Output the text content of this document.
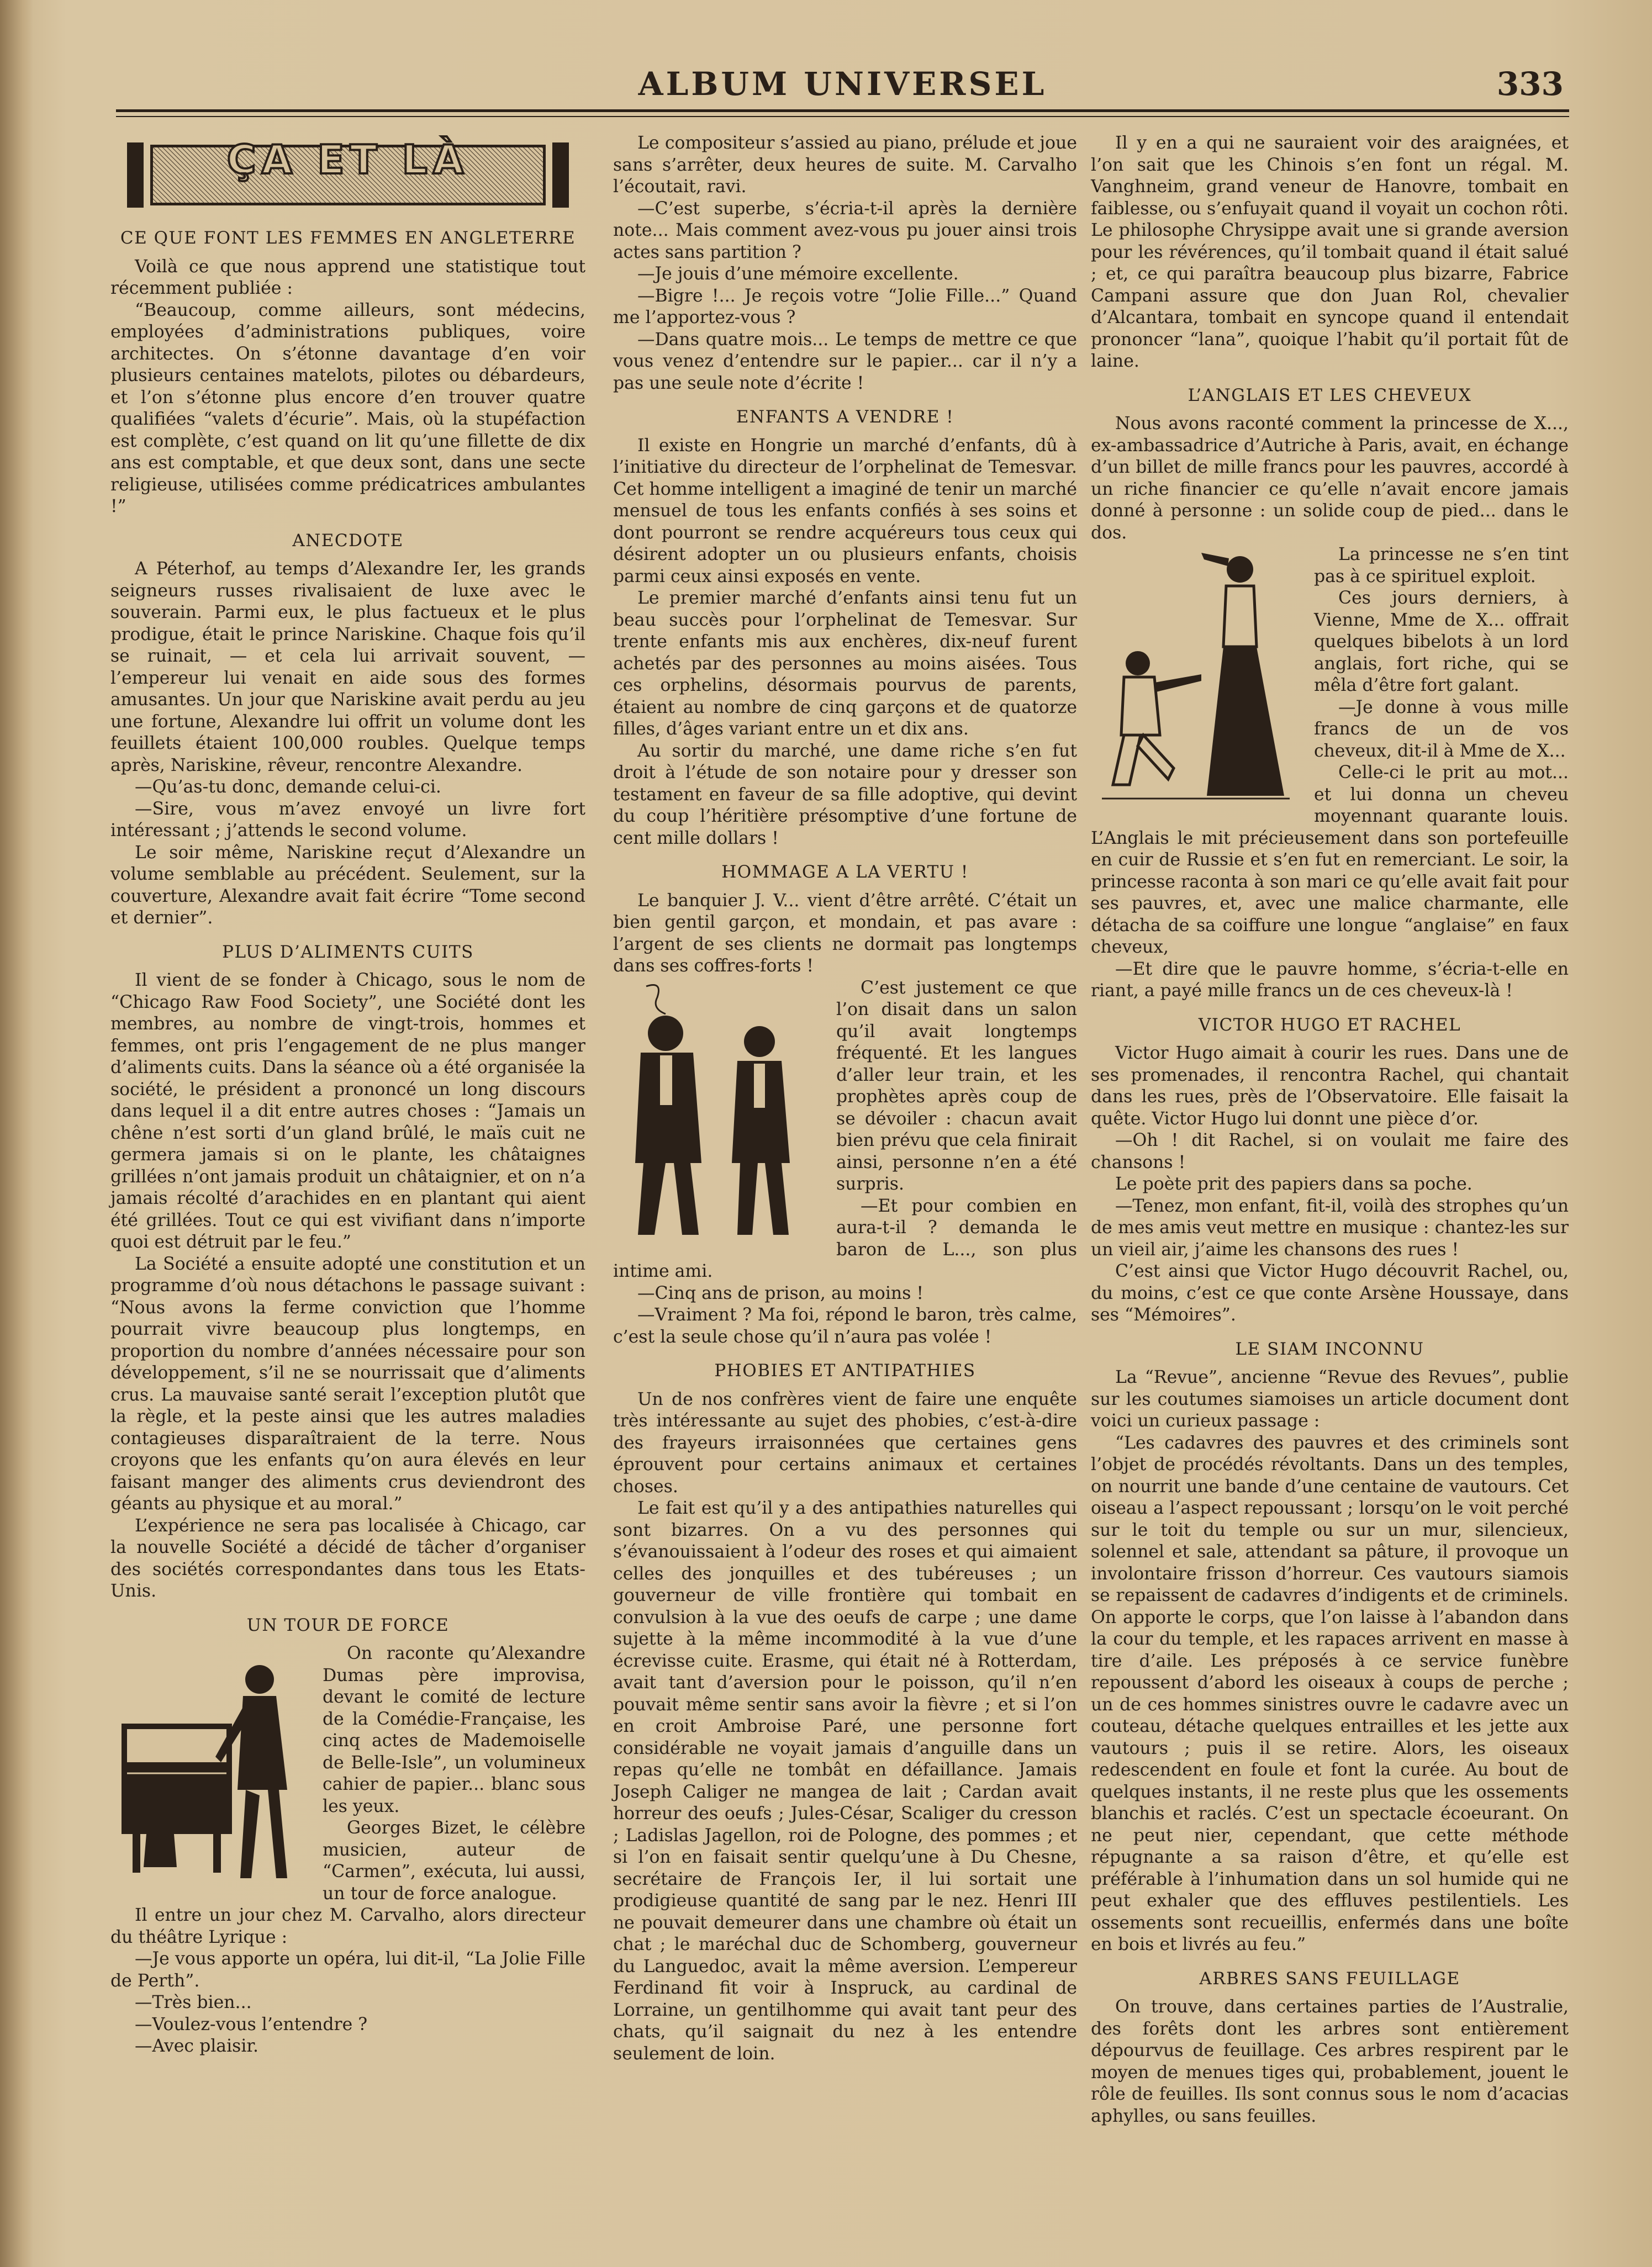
ALBUM UNIVERSEL	333
ÇA ET LÀ
CE QUE FONT LES FEMMES EN ANGLETERRE

Voilà ce que nous apprend une statistique tout récemment publiée :

“Beaucoup, comme ailleurs, sont médecins, employées d’administrations publiques, voire architectes. On s’étonne davantage d’en voir plusieurs centaines matelots, pilotes ou débardeurs, et l’on s’étonne plus encore d’en trouver quatre qualifiées “valets d’écurie”. Mais, où la stupéfaction est complète, c’est quand on lit qu’une fillette de dix ans est comptable, et que deux sont, dans une secte religieuse, utilisées comme prédicatrices ambulantes !”

ANECDOTE

A Péterhof, au temps d’Alexandre Ier, les grands seigneurs russes rivalisaient de luxe avec le souverain. Parmi eux, le plus factueux et le plus prodigue, était le prince Nariskine. Chaque fois qu’il se ruinait, — et cela lui arrivait souvent, —l’empereur lui venait en aide sous des formes amusantes. Un jour que Nariskine avait perdu au jeu une fortune, Alexandre lui offrit un volume dont les feuillets étaient 100,000 roubles. Quelque temps après, Nariskine, rêveur, rencontre Alexandre.

—Qu’as-tu donc, demande celui-ci.

—Sire, vous m’avez envoyé un livre fort intéressant ; j’attends le second volume.

Le soir même, Nariskine reçut d’Alexandre un volume semblable au précédent. Seulement, sur la couverture, Alexandre avait fait écrire “Tome second et dernier”.

PLUS D’ALIMENTS CUITS

Il vient de se fonder à Chicago, sous le nom de “Chicago Raw Food Society”, une Société dont les membres, au nombre de vingt-trois, hommes et femmes, ont pris l’engagement de ne plus manger d’aliments cuits. Dans la séance où a été organisée la société, le président a prononcé un long discours dans lequel il a dit entre autres choses : “Jamais un chêne n’est sorti d’un gland brûlé, le maïs cuit ne germera jamais si on le plante, les châtaignes grillées n’ont jamais produit un châtaignier, et on n’a jamais récolté d’arachides en en plantant qui aient été grillées. Tout ce qui est vivifiant dans n’importe quoi est détruit par le feu.”

La Société a ensuite adopté une constitution et un programme d’où nous détachons le passage suivant : “Nous avons la ferme conviction que l’homme pourrait vivre beaucoup plus longtemps, en proportion du nombre d’années nécessaire pour son développement, s’il ne se nourrissait que d’aliments crus. La mauvaise santé serait l’exception plutôt que la règle, et la peste ainsi que les autres maladies contagieuses disparaîtraient de la terre. Nous croyons que les enfants qu’on aura élevés en leur faisant manger des aliments crus deviendront des géants au physique et au moral.”

L’expérience ne sera pas localisée à Chicago, car la nouvelle Société a décidé de tâcher d’organiser des sociétés correspondantes dans tous les Etats-Unis.

UN TOUR DE FORCE

On raconte qu’Alexandre Dumas père improvisa, devant le comité de lecture de la Comédie-Française, les cinq actes de Mademoiselle de Belle-Isle”, un volumineux cahier de papier... blanc sous les yeux.

Georges Bizet, le célèbre musicien, auteur de “Carmen”, exécuta, lui aussi, un tour de force analogue.

Il entre un jour chez M. Carvalho, alors directeur du théâtre Lyrique :

—Je vous apporte un opéra, lui dit-il, “La Jolie Fille de Perth”.

—Très bien...

—Voulez-vous l’entendre ?

—Avec plaisir.

Le compositeur s’assied au piano, prélude et joue sans s’arrêter, deux heures de suite. M. Carvalho l’écoutait, ravi.

—C’est superbe, s’écria-t-il après la dernière note... Mais comment avez-vous pu jouer ainsi trois actes sans partition ?

—Je jouis d’une mémoire excellente.

—Bigre !... Je reçois votre “Jolie Fille...” Quand me l’apportez-vous ?

—Dans quatre mois... Le temps de mettre ce que vous venez d’entendre sur le papier... car il n’y a pas une seule note d’écrite !

ENFANTS A VENDRE !

Il existe en Hongrie un marché d’enfants, dû à l’initiative du directeur de l’orphelinat de Temesvar. Cet homme intelligent a imaginé de tenir un marché mensuel de tous les enfants confiés à ses soins et dont pourront se rendre acquéreurs tous ceux qui désirent adopter un ou plusieurs enfants, choisis parmi ceux ainsi exposés en vente.

Le premier marché d’enfants ainsi tenu fut un beau succès pour l’orphelinat de Temesvar. Sur trente enfants mis aux enchères, dix-neuf furent achetés par des personnes au moins aisées. Tous ces orphelins, désormais pourvus de parents, étaient au nombre de cinq garçons et de quatorze filles, d’âges variant entre un et dix ans.

Au sortir du marché, une dame riche s’en fut droit à l’étude de son notaire pour y dresser son testament en faveur de sa fille adoptive, qui devint du coup l’héritière présomptive d’une fortune de cent mille dollars !

HOMMAGE A LA VERTU !

Le banquier J. V... vient d’être arrêté. C’était un bien gentil garçon, et mondain, et pas avare : l’argent de ses clients ne dormait pas longtemps dans ses coffres-forts !

C’est justement ce que l’on disait dans un salon qu’il avait longtemps fréquenté. Et les langues d’aller leur train, et les prophètes après coup de se dévoiler : chacun avait bien prévu que cela finirait ainsi, personne n’en a été surpris.

—Et pour combien en aura-t-il ? demanda le baron de L..., son plus intime ami.

—Cinq ans de prison, au moins !

—Vraiment ? Ma foi, répond le baron, très calme, c’est la seule chose qu’il n’aura pas volée !

PHOBIES ET ANTIPATHIES

Un de nos confrères vient de faire une enquête très intéressante au sujet des phobies, c’est-à-dire des frayeurs irraisonnées que certaines gens éprouvent pour certains animaux et certaines choses.

Le fait est qu’il y a des antipathies naturelles qui sont bizarres. On a vu des personnes qui s’évanouissaient à l’odeur des roses et qui aimaient celles des jonquilles et des tubéreuses ; un gouverneur de ville frontière qui tombait en convulsion à la vue des oeufs de carpe ; une dame sujette à la même incommodité à la vue d’une écrevisse cuite. Erasme, qui était né à Rotterdam, avait tant d’aversion pour le poisson, qu’il n’en pouvait même sentir sans avoir la fièvre ; et si l’on en croit Ambroise Paré, une personne fort considérable ne voyait jamais d’anguille dans un repas qu’elle ne tombât en défaillance. Jamais Joseph Caliger ne mangea de lait ; Cardan avait horreur des oeufs ; Jules-César, Scaliger du cresson ; Ladislas Jagellon, roi de Pologne, des pommes ; et si l’on en faisait sentir quelqu’une à Du Chesne, secrétaire de François Ier, il lui sortait une prodigieuse quantité de sang par le nez. Henri III ne pouvait demeurer dans une chambre où était un chat ; le maréchal duc de Schomberg, gouverneur du Languedoc, avait la même aversion. L’empereur Ferdinand fit voir à Inspruck, au cardinal de Lorraine, un gentilhomme qui avait tant peur des chats, qu’il saignait du nez à les entendre seulement de loin.

Il y en a qui ne sauraient voir des araignées, et l’on sait que les Chinois s’en font un régal. M. Vanghneim, grand veneur de Hanovre, tombait en faiblesse, ou s’enfuyait quand il voyait un cochon rôti. Le philosophe Chrysippe avait une si grande aversion pour les révérences, qu’il tombait quand il était salué ; et, ce qui paraîtra beaucoup plus bizarre, Fabrice Campani assure que don Juan Rol, chevalier d’Alcantara, tombait en syncope quand il entendait prononcer “lana”, quoique l’habit qu’il portait fût de laine.

L’ANGLAIS ET LES CHEVEUX

Nous avons raconté comment la princesse de X..., ex-ambassadrice d’Autriche à Paris, avait, en échange d’un billet de mille francs pour les pauvres, accordé à un riche financier ce qu’elle n’avait encore jamais donné à personne : un solide coup de pied... dans le dos.

La princesse ne s’en tint pas à ce spirituel exploit.

Ces jours derniers, à Vienne, Mme de X... offrait quelques bibelots à un lord anglais, fort riche, qui se mêla d’être fort galant.

—Je donne à vous mille francs de un de vos cheveux, dit-il à Mme de X...

Celle-ci le prit au mot... et lui donna un cheveu moyennant quarante louis. L’Anglais le mit précieusement dans son portefeuille en cuir de Russie et s’en fut en remerciant. Le soir, la princesse raconta à son mari ce qu’elle avait fait pour ses pauvres, et, avec une malice charmante, elle détacha de sa coiffure une longue “anglaise” en faux cheveux,

—Et dire que le pauvre homme, s’écria-t-elle en riant, a payé mille francs un de ces cheveux-là !

VICTOR HUGO ET RACHEL

Victor Hugo aimait à courir les rues. Dans une de ses promenades, il rencontra Rachel, qui chantait dans les rues, près de l’Observatoire. Elle faisait la quête. Victor Hugo lui donnt une pièce d’or.

—Oh ! dit Rachel, si on voulait me faire des chansons !

Le poète prit des papiers dans sa poche.

—Tenez, mon enfant, fit-il, voilà des strophes qu’un de mes amis veut mettre en musique : chantez-les sur un vieil air, j’aime les chansons des rues !

C’est ainsi que Victor Hugo découvrit Rachel, ou, du moins, c’est ce que conte Arsène Houssaye, dans ses “Mémoires”.

LE SIAM INCONNU

La “Revue”, ancienne “Revue des Revues”, publie sur les coutumes siamoises un article document dont voici un curieux passage :

“Les cadavres des pauvres et des criminels sont l’objet de procédés révoltants. Dans un des temples, on nourrit une bande d’une centaine de vautours. Cet oiseau a l’aspect repoussant ; lorsqu’on le voit perché sur le toit du temple ou sur un mur, silencieux, solennel et sale, attendant sa pâture, il provoque un involontaire frisson d’horreur. Ces vautours siamois se repaissent de cadavres d’indigents et de criminels. On apporte le corps, que l’on laisse à l’abandon dans la cour du temple, et les rapaces arrivent en masse à tire d’aile. Les préposés à ce service funèbre repoussent d’abord les oiseaux à coups de perche ; un de ces hommes sinistres ouvre le cadavre avec un couteau, détache quelques entrailles et les jette aux vautours ; puis il se retire. Alors, les oiseaux redescendent en foule et font la curée. Au bout de quelques instants, il ne reste plus que les ossements blanchis et raclés. C’est un spectacle écoeurant. On ne peut nier, cependant, que cette méthode répugnante a sa raison d’être, et qu’elle est préférable à l’inhumation dans un sol humide qui ne peut exhaler que des effluves pestilentiels. Les ossements sont recueillis, enfermés dans une boîte en bois et livrés au feu.”

ARBRES SANS FEUILLAGE

On trouve, dans certaines parties de l’Australie, des forêts dont les arbres sont entièrement dépourvus de feuillage. Ces arbres respirent par le moyen de menues tiges qui, probablement, jouent le rôle de feuilles. Ils sont connus sous le nom d’acacias aphylles, ou sans feuilles.
